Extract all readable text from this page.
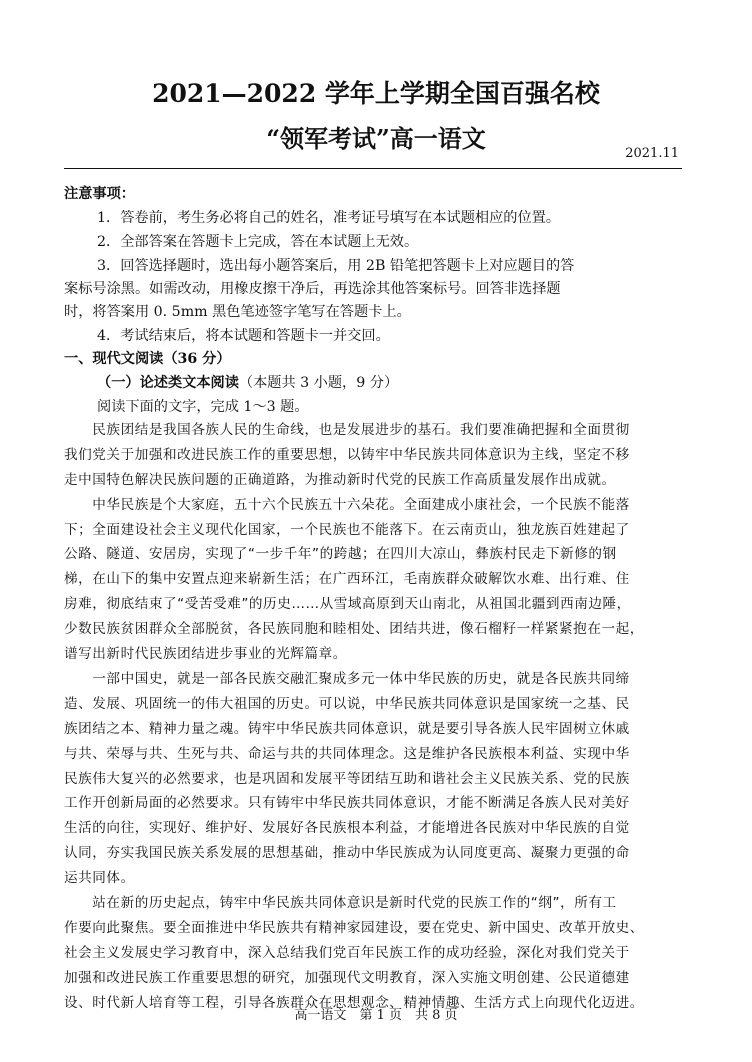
2021—2022 学年上学期全国百强名校
“领军考试”高一语文
2021.11
注意事项：
1．答卷前，考生务必将自己的姓名，准考证号填写在本试题相应的位置。
2．全部答案在答题卡上完成，答在本试题上无效。
3．回答选择题时，选出每小题答案后，用 2B 铅笔把答题卡上对应题目的答
案标号涂黑。如需改动，用橡皮擦干净后，再选涂其他答案标号。回答非选择题
时，将答案用 0. 5mm 黑色笔迹签字笔写在答题卡上。
4．考试结束后，将本试题和答题卡一并交回。
一、现代文阅读（36 分）
（一）论述类文本阅读（本题共 3 小题，9 分）
阅读下面的文字，完成 1～3 题。
　　民族团结是我国各族人民的生命线，也是发展进步的基石。我们要准确把握和全面贯彻
我们党关于加强和改进民族工作的重要思想，以铸牢中华民族共同体意识为主线，坚定不移
走中国特色解决民族问题的正确道路，为推动新时代党的民族工作高质量发展作出成就。
　　中华民族是个大家庭，五十六个民族五十六朵花。全面建成小康社会，一个民族不能落
下；全面建设社会主义现代化国家，一个民族也不能落下。在云南贡山，独龙族百姓建起了
公路、隧道、安居房，实现了“一步千年”的跨越；在四川大凉山，彝族村民走下新修的钢
梯，在山下的集中安置点迎来崭新生活；在广西环江，毛南族群众破解饮水难、出行难、住
房难，彻底结束了“受苦受难”的历史……从雪域高原到天山南北，从祖国北疆到西南边陲，
少数民族贫困群众全部脱贫，各民族同胞和睦相处、团结共进，像石榴籽一样紧紧抱在一起，
谱写出新时代民族团结进步事业的光辉篇章。
　　一部中国史，就是一部各民族交融汇聚成多元一体中华民族的历史，就是各民族共同缔
造、发展、巩固统一的伟大祖国的历史。可以说，中华民族共同体意识是国家统一之基、民
族团结之本、精神力量之魂。铸牢中华民族共同体意识，就是要引导各族人民牢固树立休戚
与共、荣辱与共、生死与共、命运与共的共同体理念。这是维护各民族根本利益、实现中华
民族伟大复兴的必然要求，也是巩固和发展平等团结互助和谐社会主义民族关系、党的民族
工作开创新局面的必然要求。只有铸牢中华民族共同体意识，才能不断满足各族人民对美好
生活的向往，实现好、维护好、发展好各民族根本利益，才能增进各民族对中华民族的自觉
认同，夯实我国民族关系发展的思想基础，推动中华民族成为认同度更高、凝聚力更强的命
运共同体。
　　站在新的历史起点，铸牢中华民族共同体意识是新时代党的民族工作的“纲”，所有工
作要向此聚焦。要全面推进中华民族共有精神家园建设，要在党史、新中国史、改革开放史、
社会主义发展史学习教育中，深入总结我们党百年民族工作的成功经验，深化对我们党关于
加强和改进民族工作重要思想的研究，加强现代文明教育，深入实施文明创建、公民道德建
设、时代新人培育等工程，引导各族群众在思想观念、精神情趣、生活方式上向现代化迈进。
高一语文　第 1 页　共 8 页
